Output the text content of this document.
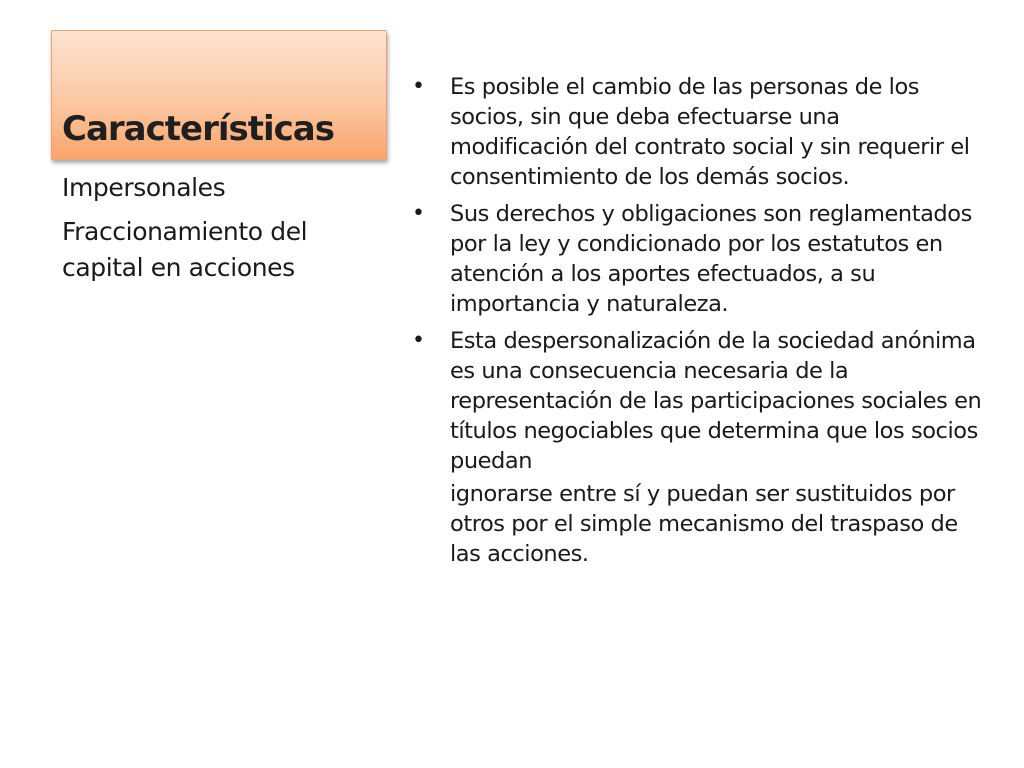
Características
Impersonales
Fraccionamiento del capital en acciones
• Es posible el cambio de las personas de los socios, sin que deba efectuarse una modificación del contrato social y sin requerir el consentimiento de los demás socios.
• Sus derechos y obligaciones son reglamentados por la ley y condicionado por los estatutos en atención a los aportes efectuados, a su importancia y naturaleza.
• Esta despersonalización de la sociedad anónima es una consecuencia necesaria de la representación de las participaciones sociales en títulos negociables que determina que los socios puedan
ignorarse entre sí y puedan ser sustituidos por otros por el simple mecanismo del traspaso de las acciones.
